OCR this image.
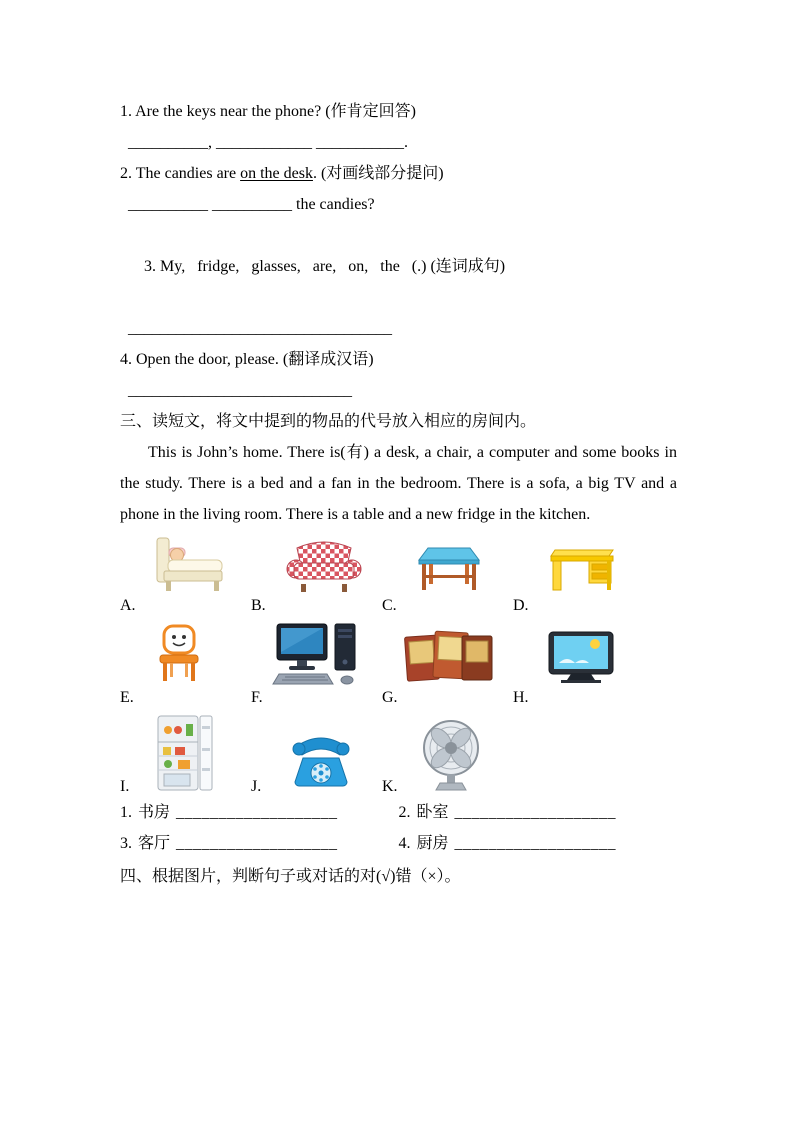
1. Are the keys near the phone? (作肯定回答)
__________, ____________ ___________.
2. The candies are on the desk. (对画线部分提问)
__________ __________ the candies?

3. My,   fridge,   glasses,   are,   on,   the   (.) (连词成句)

_________________________________
4. Open the door, please. (翻译成汉语)
____________________________
三、读短文，将文中提到的物品的代号放入相应的房间内。
This is John’s home. There is(有) a desk, a chair, a computer and some books in the study. There is a bed and a fan in the bedroom. There is a sofa, a big TV and a phone in the living room. There is a table and a new fridge in the kitchen.
A.	B.	C.	D.
E.	F.	G.	H.
I.	J.	K.
1. 书房 ___________________	2. 卧室 ___________________
3. 客厅 ___________________	4. 厨房 ___________________
四、根据图片，判断句子或对话的对(√)错（×）。
